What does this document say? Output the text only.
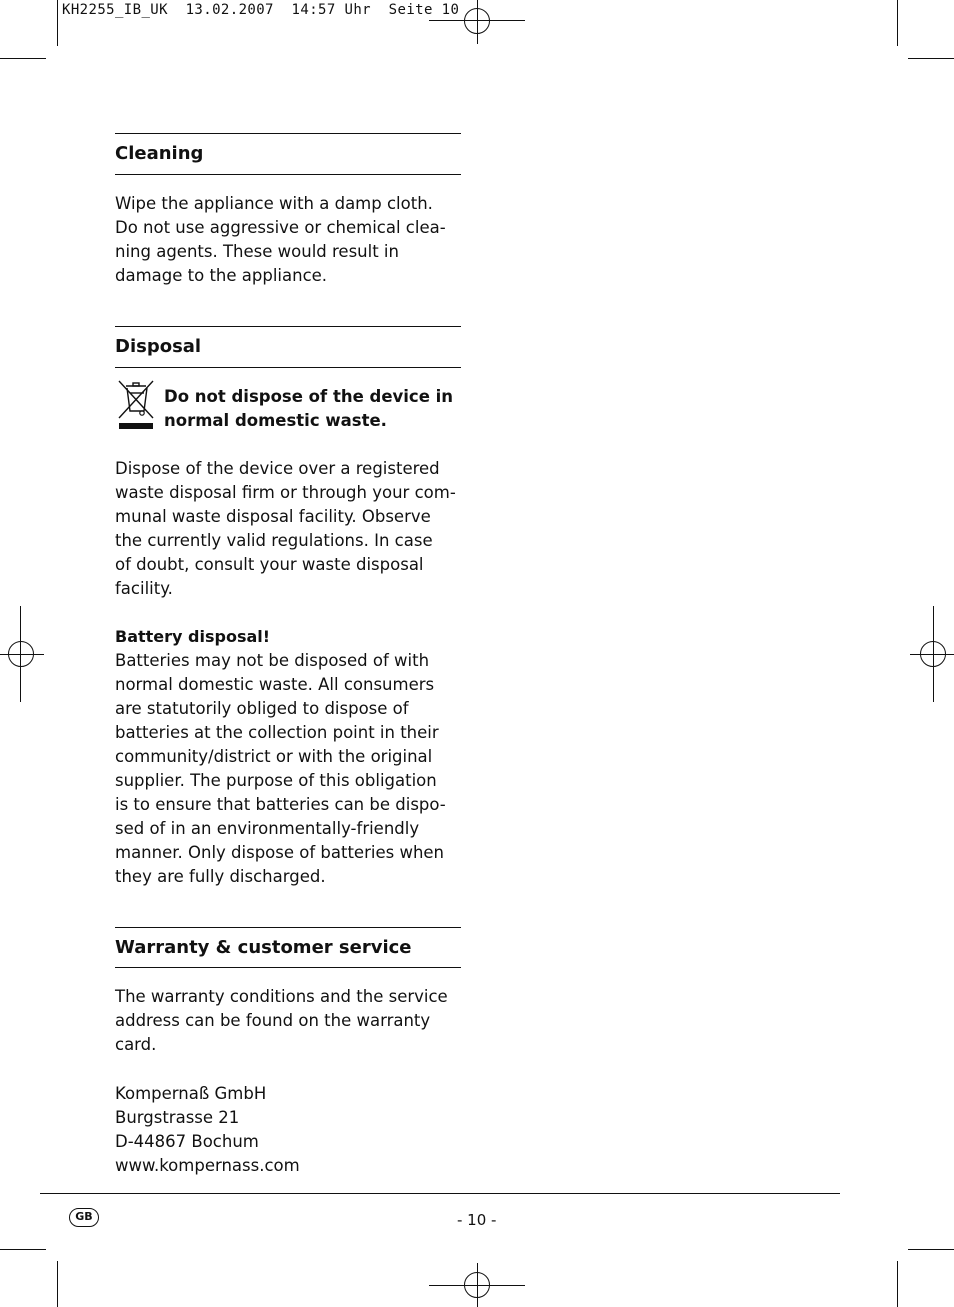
KH2255_IB_UK  13.02.2007  14:57 Uhr  Seite 10
Cleaning

Wipe the appliance with a damp cloth.
Do not use aggressive or chemical clea-
ning agents. These would result in
damage to the appliance.

Disposal
Do not dispose of the device in
normal domestic waste.

Dispose of the device over a registered
waste disposal firm or through your com-
munal waste disposal facility. Observe
the currently valid regulations. In case
of doubt, consult your waste disposal
facility.

Battery disposal!
Batteries may not be disposed of with
normal domestic waste. All consumers
are statutorily obliged to dispose of
batteries at the collection point in their
community/district or with the original
supplier. The purpose of this obligation
is to ensure that batteries can be dispo-
sed of in an environmentally-friendly
manner. Only dispose of batteries when
they are fully discharged.

Warranty & customer service

The warranty conditions and the service
address can be found on the warranty
card.

Kompernaß GmbH
Burgstrasse 21
D-44867 Bochum
www.kompernass.com

GB	- 10 -
